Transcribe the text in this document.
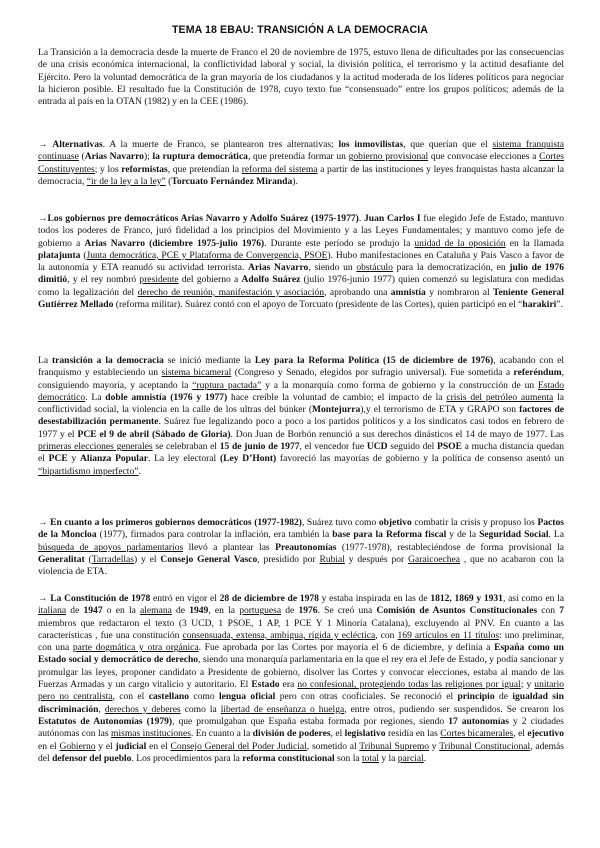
TEMA 18 EBAU: TRANSICIÓN A LA DEMOCRACIA

La Transición a la democracia desde la muerte de Franco el 20 de noviembre de 1975, estuvo llena de dificultades por las consecuencias de una crisis económica internacional, la conflictividad laboral y social, la división política, el terrorismo y la actitud desafiante del Ejército. Pero la voluntad democrática de la gran mayoría de los ciudadanos y la actitud moderada de los líderes políticos para negociar la hicieron posible. El resultado fue la Constitución de 1978, cuyo texto fue “consensuado” entre los grupos políticos; además de la entrada al país en la OTAN (1982) y en la CEE (1986).

→ Alternativas. A la muerte de Franco, se plantearon tres alternativas; los inmovilistas, que querían que el sistema franquista continuase (Arias Navarro); la ruptura democrática, que pretendía formar un gobierno provisional que convocase elecciones a Cortes Constituyentes; y los reformistas, que pretendían la reforma del sistema a partir de las instituciones y leyes franquistas hasta alcanzar la democracia, “ir de la ley a la ley” (Torcuato Fernández Miranda).

→Los gobiernos pre democráticos Arias Navarro y Adolfo Suárez (1975-1977). Juan Carlos I fue elegido Jefe de Estado, mantuvo todos los poderes de Franco, juró fidelidad a los principios del Movimiento y a las Leyes Fundamentales; y mantuvo como jefe de gobierno a Arias Navarro (diciembre 1975-julio 1976). Durante este período se produjo la unidad de la oposición en la llamada platajunta (Junta democrática, PCE y Plataforma de Convergencia, PSOE). Hubo manifestaciones en Cataluña y País Vasco a favor de la autonomía y ETA reanudó su actividad terrorista. Arias Navarro, siendo un obstáculo para la democratización, en julio de 1976 dimitió, y el rey nombró presidente del gobierno a Adolfo Suárez (julio 1976-junio 1977) quien comenzó su legislatura con medidas como la legalización del derecho de reunión, manifestación y asociación, aprobando una amnistía y nombraron al Teniente General Gutiérrez Mellado (reforma militar). Suárez contó con el apoyo de Torcuato (presidente de las Cortes), quien participó en el “harakiri”.

La transición a la democracia se inició mediante la Ley para la Reforma Política (15 de diciembre de 1976), acabando con el franquismo y estableciendo un sistema bicameral (Congreso y Senado, elegidos por sufragio universal). Fue sometida a referéndum, consiguiendo mayoría, y aceptando la “ruptura pactada” y a la monarquía como forma de gobierno y la construcción de un Estado democrático. La doble amnistía (1976 y 1977) hace creíble la voluntad de cambio; el impacto de la crisis del petróleo aumenta la conflictividad social, la violencia en la calle de los ultras del búnker (Montejurra),y el terrorismo de ETA y GRAPO son factores de desestabilización permanente. Suárez fue legalizando poco a poco a los partidos políticos y a los sindicatos casi todos en febrero de 1977 y el PCE el 9 de abril (Sábado de Gloria). Don Juan de Borbón renunció a sus derechos dinásticos el 14 de mayo de 1977. Las primeras elecciones generales se celebraban el 15 de junio de 1977, el vencedor fue UCD seguido del PSOE a mucha distancia quedan el PCE y Alianza Popular. La ley electoral (Ley D’Hont) favoreció las mayorías de gobierno y la política de consenso asentó un “bipartidismo imperfecto”.

→ En cuanto a los primeros gobiernos democráticos (1977-1982), Suárez tuvo como objetivo combatir la crisis y propuso los Pactos de la Moncloa (1977), firmados para controlar la inflación, era también la base para la Reforma fiscal y de la Seguridad Social. La búsqueda de apoyos parlamentarios llevó a plantear las Preautonomías (1977-1978), restableciéndose de forma provisional la Generalitat (Tarradellas) y el Consejo General Vasco, presidido por Rubial y después por Garaicoechea , que no acabaron con la violencia de ETA.

→ La Constitución de 1978 entró en vigor el 28 de diciembre de 1978 y estaba inspirada en las de 1812, 1869 y 1931, así como en la italiana de 1947 o en la alemana de 1949, en la portuguesa de 1976. Se creó una Comisión de Asuntos Constitucionales con 7 miembros que redactaron el texto (3 UCD, 1 PSOE, 1 AP, 1 PCE Y 1 Minoría Catalana), excluyendo al PNV. En cuanto a las características , fue una constitución consensuada, extensa, ambigua, rígida y ecléctica, con 169 artículos en 11 títulos: uno preliminar, con una parte dogmática y otra orgánica. Fue aprobada por las Cortes por mayoría el 6 de diciembre, y definía a España como un Estado social y democrático de derecho, siendo una monarquía parlamentaria en la que el rey era el Jefe de Estado, y podía sancionar y promulgar las leyes, proponer candidato a Presidente de gobierno, disolver las Cortes y convocar elecciones, estaba al mando de las Fuerzas Armadas y un cargo vitalicio y autoritario. El Estado era no confesional, protegiendo todas las religiones por igual; y unitario pero no centralista, con el castellano como lengua oficial pero con otras cooficiales. Se reconoció el principio de igualdad sin discriminación, derechos y deberes como la libertad de enseñanza o huelga, entre otros, pudiendo ser suspendidos. Se crearon los Estatutos de Autonomías (1979), que promulgaban que España estaba formada por regiones, siendo 17 autonomías y 2 ciudades autónomas con las mismas instituciones. En cuanto a la división de poderes, el legislativo residía en las Cortes bicamerales, el ejecutivo en el Gobierno y el judicial en el Consejo General del Poder Judicial, sometido al Tribunal Supremo y Tribunal Constitucional, además del defensor del pueblo. Los procedimientos para la reforma constitucional son la total y la parcial.
